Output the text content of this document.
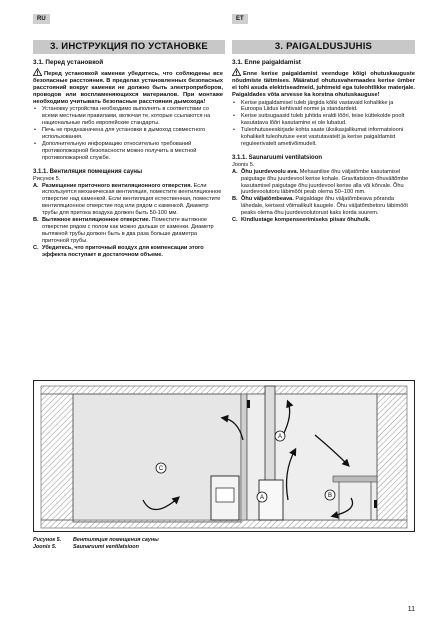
RU	ET
3. ИНСТРУКЦИЯ ПО УСТАНОВКЕ	3. PAIGALDUSJUHIS
3.1. Перед установкой

Перед установкой каменки убедитесь, что соблюдены все безопасные расстояния. В пределах установленных безопасных расстояний вокруг каменки не должно быть электроприборов, проводов или воспламеняющихся материалов. При монтаже необходимо учитывать безопасные расстояния дымохода!

• Установку устройства необходимо выполнять в соответствии со всеми местными правилами, включая те, которые ссылаются на национальные либо европейские стандарты.
• Печь не предназначена для установки в дымоход совместного использования.
• Дополнительную информацию относительно требований противопожарной безопасности можно получить в местной противопожарной службе.
3.1.1. Вентиляция помещения сауны

Рисунок 5.

A. Размещение приточного вентиляционного отверстия. Если используется механическая вентиляция, поместите вентиляционное отверстие над каменкой. Если вентиляция естественная, поместите вентиляционное отверстие под или рядом с каменкой. Диаметр трубы для притока воздуха должен быть 50-100 мм.
B. Вытяжное вентиляционное отверстие. Поместите вытяжное отверстие рядом с полом как можно дальше от каменки. Диаметр вытяжной трубы должен быть в два раза больше диаметра приточной трубы.
C. Убедитесь, что приточный воздух для компенсации этого эффекта поступает в достаточном объеме.
3.1. Enne paigaldamist

Enne kerise paigaldamist veenduge kõigi ohutuskauguste nõudmiste täitmises. Määratud ohutusvahemaades kerise ümber ei tohi asuda elektriseadmeid, juhtmeid ega tuleohtlikke materjale. Paigaldades võta arvesse ka korstna ohutuskauguse!

• Kerise paigaldamisel tuleb järgida kõiki vastavaid kohalikke ja Euroopa Liidus kehtivaid norme ja standardeid.
• Kerise suitsugaasid tuleb juhtida eraldi lõõri, teise küttekolde poolt kasutatava lõõri kasutamine ei ole lubatud.
• Tuleohutuseeskirjade kohta saate üksikasjalikumat informatsiooni kohalikelt tuleohutuse eest vastutavatelt ja kerise paigaldamist reguleerivatelt ametivõimudelt.
3.1.1. Saunaruumi ventilatsioon

Joonis 5.

A. Õhu juurdevoolu ava. Mehaanilise õhu väljatõmbe kasutamisel paigutage õhu juurdevool kerise kohale. Gravitatsioon-õhuvältõmbe kasutamisel paigutage õhu juurdevool kerise alla või kõrvale. Õhu juurdevoolutoru läbimõõt peab olema 50–100 mm.
B. Õhu väljatõmbeava. Paigaldage õhu väljatõmbeava põranda lähedale, kerisest võimalikult kaugele. Õhu väljatõmbetoru läbimõõt peaks olema õhu juurdevoolutorust kaks korda suurem.
C. Kindlustage kompenseerimiseks piisav õhuhulk.
A
A	B
C
Рисунок 5. Вентиляция помещения сауны
Joonis 5.	Saunaruumi ventilatsioon
11
